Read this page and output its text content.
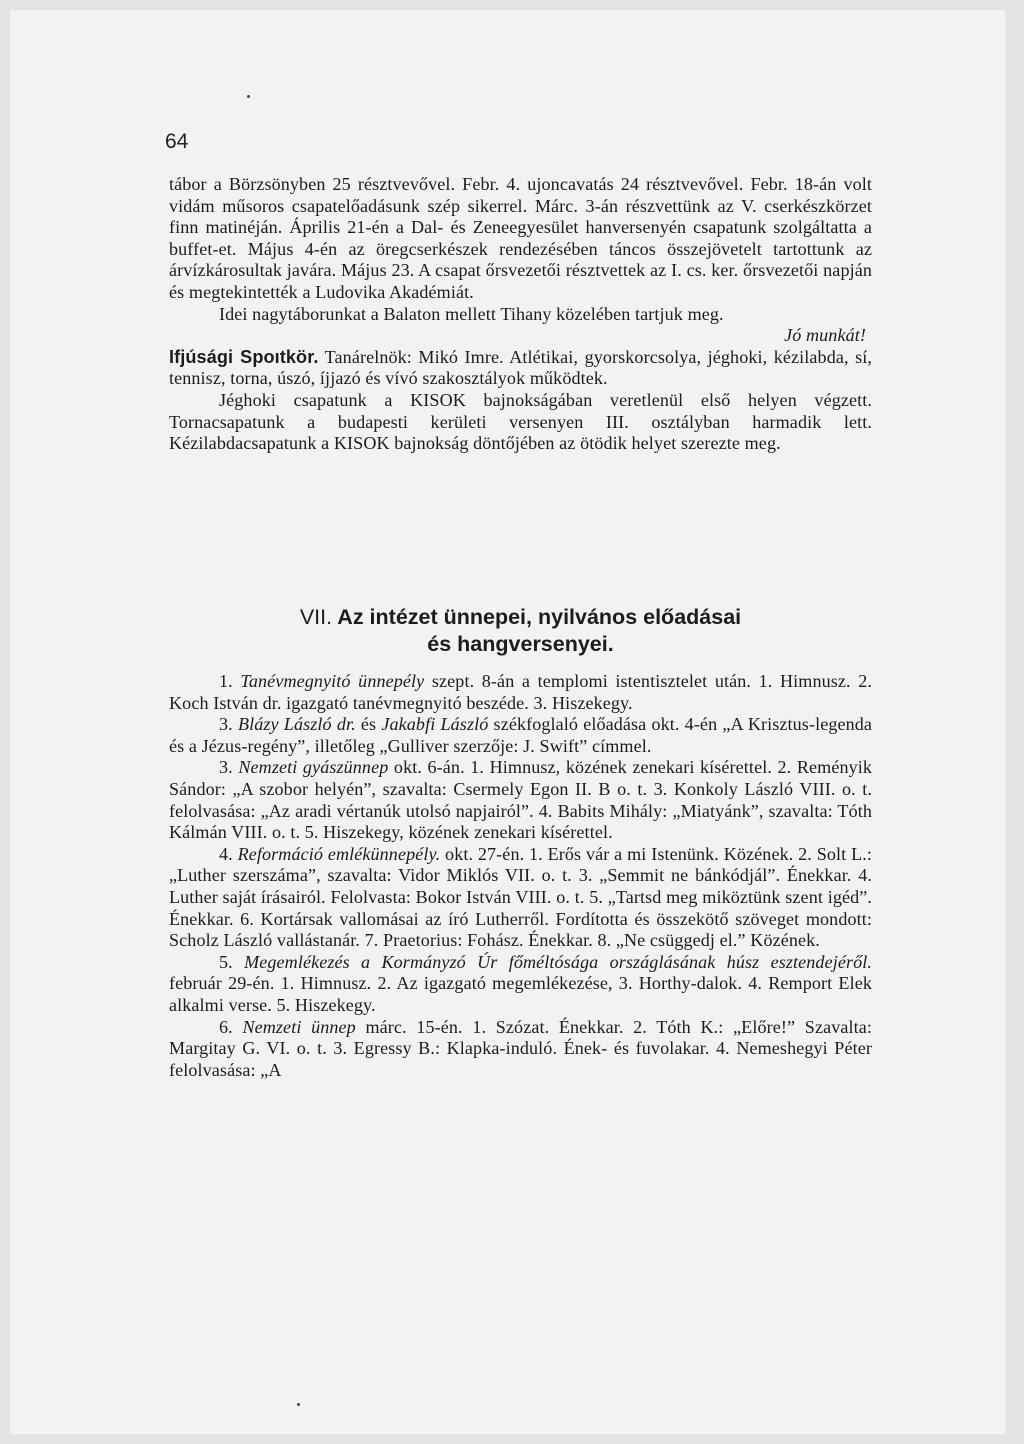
64

tábor a Börzsönyben 25 résztvevővel. Febr. 4. ujoncavatás 24 résztvevővel. Febr. 18-án volt vidám műsoros csapatelőadásunk szép sikerrel. Márc. 3-án részvettünk az V. cserkészkörzet finn matinéján. Április 21-én a Dal- és Zeneegyesület hanversenyén csapatunk szolgáltatta a buffet-et. Május 4-én az öregcserkészek rendezésében táncos összejövetelt tartottunk az árvízkárosultak javára. Május 23. A csapat őrsvezetői résztvettek az I. cs. ker. őrsvezetői napján és megtekintették a Ludovika Akadémiát.

Idei nagytáborunkat a Balaton mellett Tihany közelében tartjuk meg.

Jó munkát!

Ifjúsági Spoıtkör. Tanárelnök: Mikó Imre. Atlétikai, gyorskorcsolya, jéghoki, kézilabda, sí, tennisz, torna, úszó, íjjazó és vívó szakosztályok működtek.

Jéghoki csapatunk a KISOK bajnokságában veretlenül első helyen végzett. Tornacsapatunk a budapesti kerületi versenyen III. osztályban harmadik lett. Kézilabdacsapatunk a KISOK bajnokság döntőjében az ötödik helyet szerezte meg.

VII. Az intézet ünnepei, nyilvános előadásai
és hangversenyei.

1. Tanévmegnyitó ünnepély szept. 8-án a templomi istentisztelet után. 1. Himnusz. 2. Koch István dr. igazgató tanévmegnyitó beszéde. 3. Hiszekegy.

3. Blázy László dr. és Jakabfi László székfoglaló előadása okt. 4-én „A Krisztus-legenda és a Jézus-regény”, illetőleg „Gulliver szerzője: J. Swift” címmel.

3. Nemzeti gyászünnep okt. 6-án. 1. Himnusz, közének zenekari kísérettel. 2. Reményik Sándor: „A szobor helyén”, szavalta: Csermely Egon II. B o. t. 3. Konkoly László VIII. o. t. felolvasása: „Az aradi vértanúk utolsó napjairól”. 4. Babits Mihály: „Miatyánk”, szavalta: Tóth Kálmán VIII. o. t. 5. Hiszekegy, közének zenekari kísérettel.

4. Reformáció emlékünnepély. okt. 27-én. 1. Erős vár a mi Istenünk. Közének. 2. Solt L.: „Luther szerszáma”, szavalta: Vidor Miklós VII. o. t. 3. „Semmit ne bánkódjál”. Énekkar. 4. Luther saját írásairól. Felolvasta: Bokor István VIII. o. t. 5. „Tartsd meg miköztünk szent igéd”. Énekkar. 6. Kortársak vallomásai az író Lutherről. Fordította és összekötő szöveget mondott: Scholz László vallástanár. 7. Praetorius: Fohász. Énekkar. 8. „Ne csüggedj el.” Közének.

5. Megemlékezés a Kormányzó Úr főméltósága országlásának húsz esztendejéről. február 29-én. 1. Himnusz. 2. Az igazgató megemlékezése, 3. Horthy-dalok. 4. Remport Elek alkalmi verse. 5. Hiszekegy.

6. Nemzeti ünnep márc. 15-én. 1. Szózat. Énekkar. 2. Tóth K.: „Előre!” Szavalta: Margitay G. VI. o. t. 3. Egressy B.: Klapka-induló. Ének- és fuvolakar. 4. Nemeshegyi Péter felolvasása: „A
